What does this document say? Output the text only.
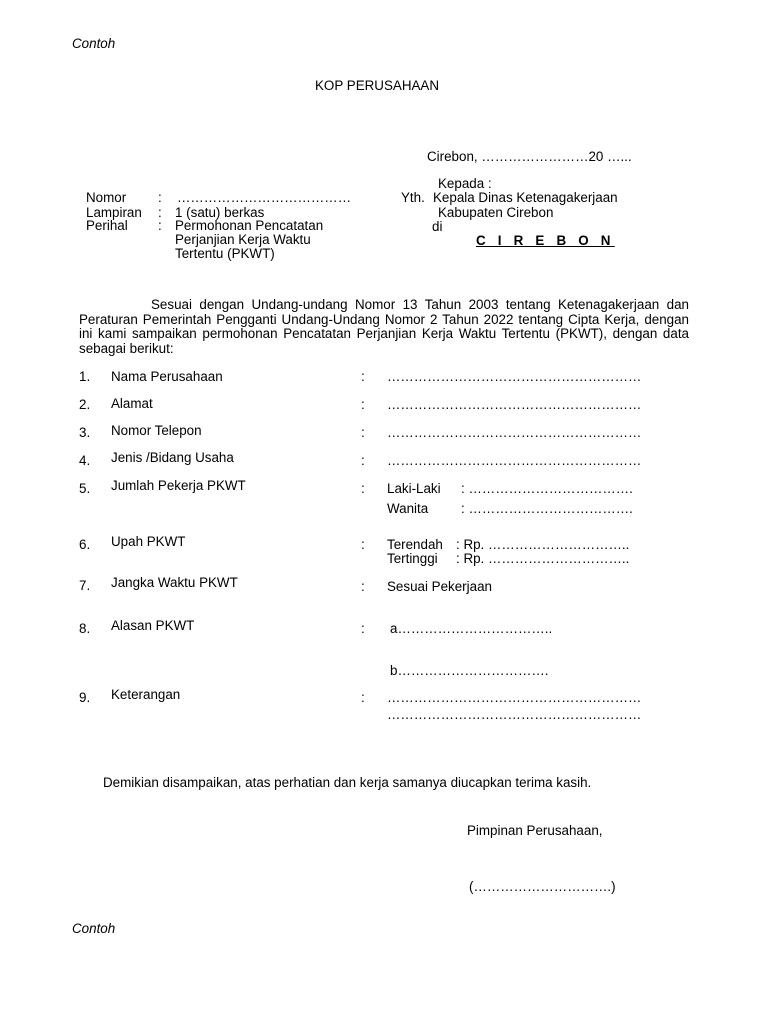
Contoh
KOP PERUSAHAAN
Cirebon, ……………………20 …...
Kepada :
Yth. Kepala Dinas Ketenagakerjaan
Kabupaten Cirebon
di
C I R E B O N
Nomor : …………………………………
Lampiran : 1 (satu) berkas
Perihal : Permohonan Pencatatan
Perjanjian Kerja Waktu
Tertentu (PKWT)
Sesuai dengan Undang-undang Nomor 13 Tahun 2003 tentang Ketenagakerjaan dan Peraturan Pemerintah Pengganti Undang-Undang Nomor 2 Tahun 2022 tentang Cipta Kerja, dengan ini kami sampaikan permohonan Pencatatan Perjanjian Kerja Waktu Tertentu (PKWT), dengan data sebagai berikut:
1. Nama Perusahaan	: …………………………………………………
2. Alamat	: …………………………………………………
3. Nomor Telepon	: …………………………………………………
4. Jenis /Bidang Usaha	: …………………………………………………
5. Jumlah Pekerja PKWT	: Laki-Laki : ……………………………….
Wanita : ……………………………….
6. Upah PKWT	: Terendah : Rp. …………………………..
Tertinggi : Rp. …………………………..
7. Jangka Waktu PKWT	: Sesuai Pekerjaan
8. Alasan PKWT	: a……………………………..
b…………………………….
9. Keterangan	: …………………………………………………
…………………………………………………
Demikian disampaikan, atas perhatian dan kerja samanya diucapkan terima kasih.
Pimpinan Perusahaan,
(………………………….)
Contoh
